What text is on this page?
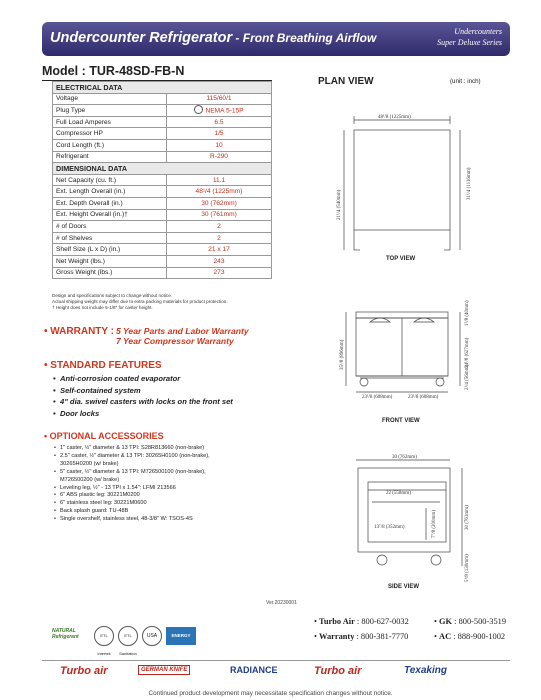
Undercounter Refrigerator - Front Breathing Airflow	Undercounters
Super Deluxe Series
Model : TUR-48SD-FB-N
ELECTRICAL DATA	
Voltage	115/60/1
Plug Type	NEMA 5-15P
Full Load Amperes	6.5
Compressor HP	1/5
Cord Length (ft.)	10
Refrigerant	R-290
DIMENSIONAL DATA	
Net Capacity (cu. ft.)	11.1
Ext. Length Overall (in.)	48¹/4 (1225mm)
Ext. Depth Overall (in.)	30 (762mm)
Ext. Height Overall (in.)†	30 (761mm)
# of Doors	2
# of Shelves	2
Shelf Size (L x D) (in.)	21 x 17
Net Weight (lbs.)	243
Gross Weight (lbs.)	273
Design and specifications subject to change without notice.
Actual shipping weight may differ due to extra packing materials for product protection.
† Height does not include 5-1/8" for caster height.
• WARRANTY : 5 Year Parts and Labor Warranty
7 Year Compressor Warranty
• STANDARD FEATURES
• Anti-corrosion coated evaporator
• Self-contained system
• 4" dia. swivel casters with locks on the front set
• Door locks
• OPTIONAL ACCESSORIES
• 1" caster, ½" diameter & 13 TPI: S28R813660 (non-brake)
• 2.5" caster, ½" diameter & 13 TPI: 30265H0100 (non-brake),
30265H0200 (w/ brake)
• 5" caster, ½" diameter & 13 TPI: M726500100 (non-brake),
M726500200 (w/ brake)
• Leveling leg, ½" - 13 TPI x 1.54": LFMI 213566
• 6" ABS plastic leg: 30221M0200
• 6" stainless steel leg: 30221M0600
• Back splash guard: TU-48B
• Single overshelf, stainless steel, 48-3/8" W: TSOS-4S
Ver.20230001
PLAN VIEW	(unit : inch)
48¹/8 (1225mm)
31¹/4 (1116mm)
21¹/4 (540mm)
35¹/8 (896mm)
1⁵/8 (40mm)
24¹/8 (627mm)
2¹/4 (56mm)
23¹/8 (608mm)	23¹/8 (608mm)
30 (762mm)
22 (558mm)
13⁷/8 (352mm)	30 (761mm)
7⁷/8 (200mm)
5¹/8 (130mm)
TOP VIEW
FRONT VIEW
SIDE VIEW
NATURAL Refrigerant	ETL Intertek
ETL Sanitation
USA	ENERGY STAR
• Turbo Air : 800-627-0032	• GK : 800-500-3519
• Warranty : 800-381-7770	• AC : 888-900-1002
Turbo air	GERMAN KNIFE	RADIANCE	Turbo air	Texaking
Continued product development may necessitate specification changes without notice.
